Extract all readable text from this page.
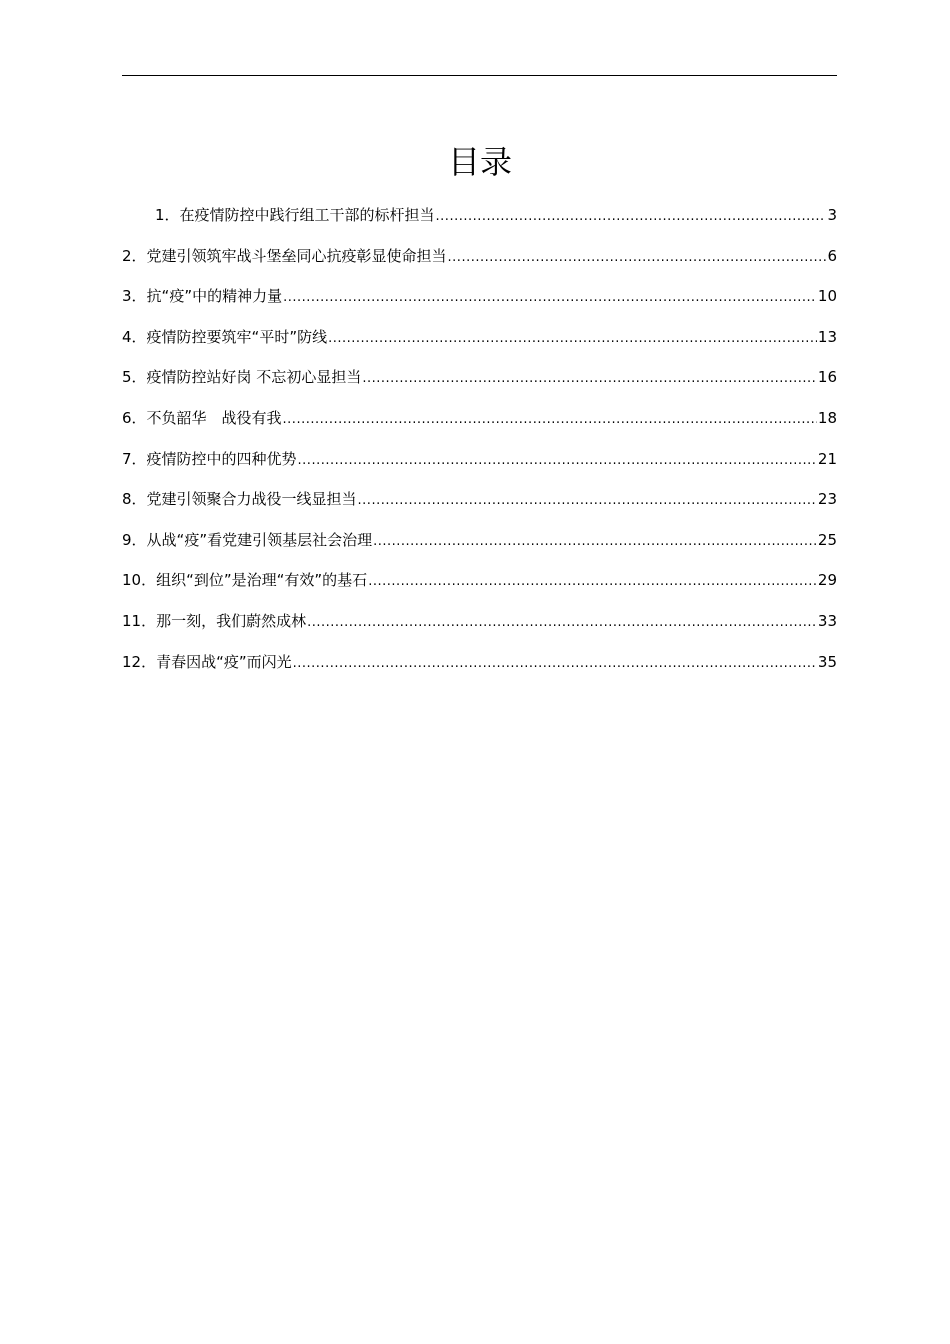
目录
1．在疫情防控中践行组工干部的标杆担当 .....	3
2．党建引领筑牢战斗堡垒同心抗疫彰显使命担当 .....	6
3．抗“疫”中的精神力量 .....	10
4．疫情防控要筑牢“平时”防线 .....	13
5．疫情防控站好岗 不忘初心显担当 .....	16
6．不负韶华　战役有我 .....	18
7．疫情防控中的四种优势 .....	21
8．党建引领聚合力战役一线显担当 .....	23
9．从战“疫”看党建引领基层社会治理 .....	25
10．组织“到位”是治理“有效”的基石 .....	29
11．那一刻，我们蔚然成林 .....	33
12．青春因战“疫”而闪光 .....	35
